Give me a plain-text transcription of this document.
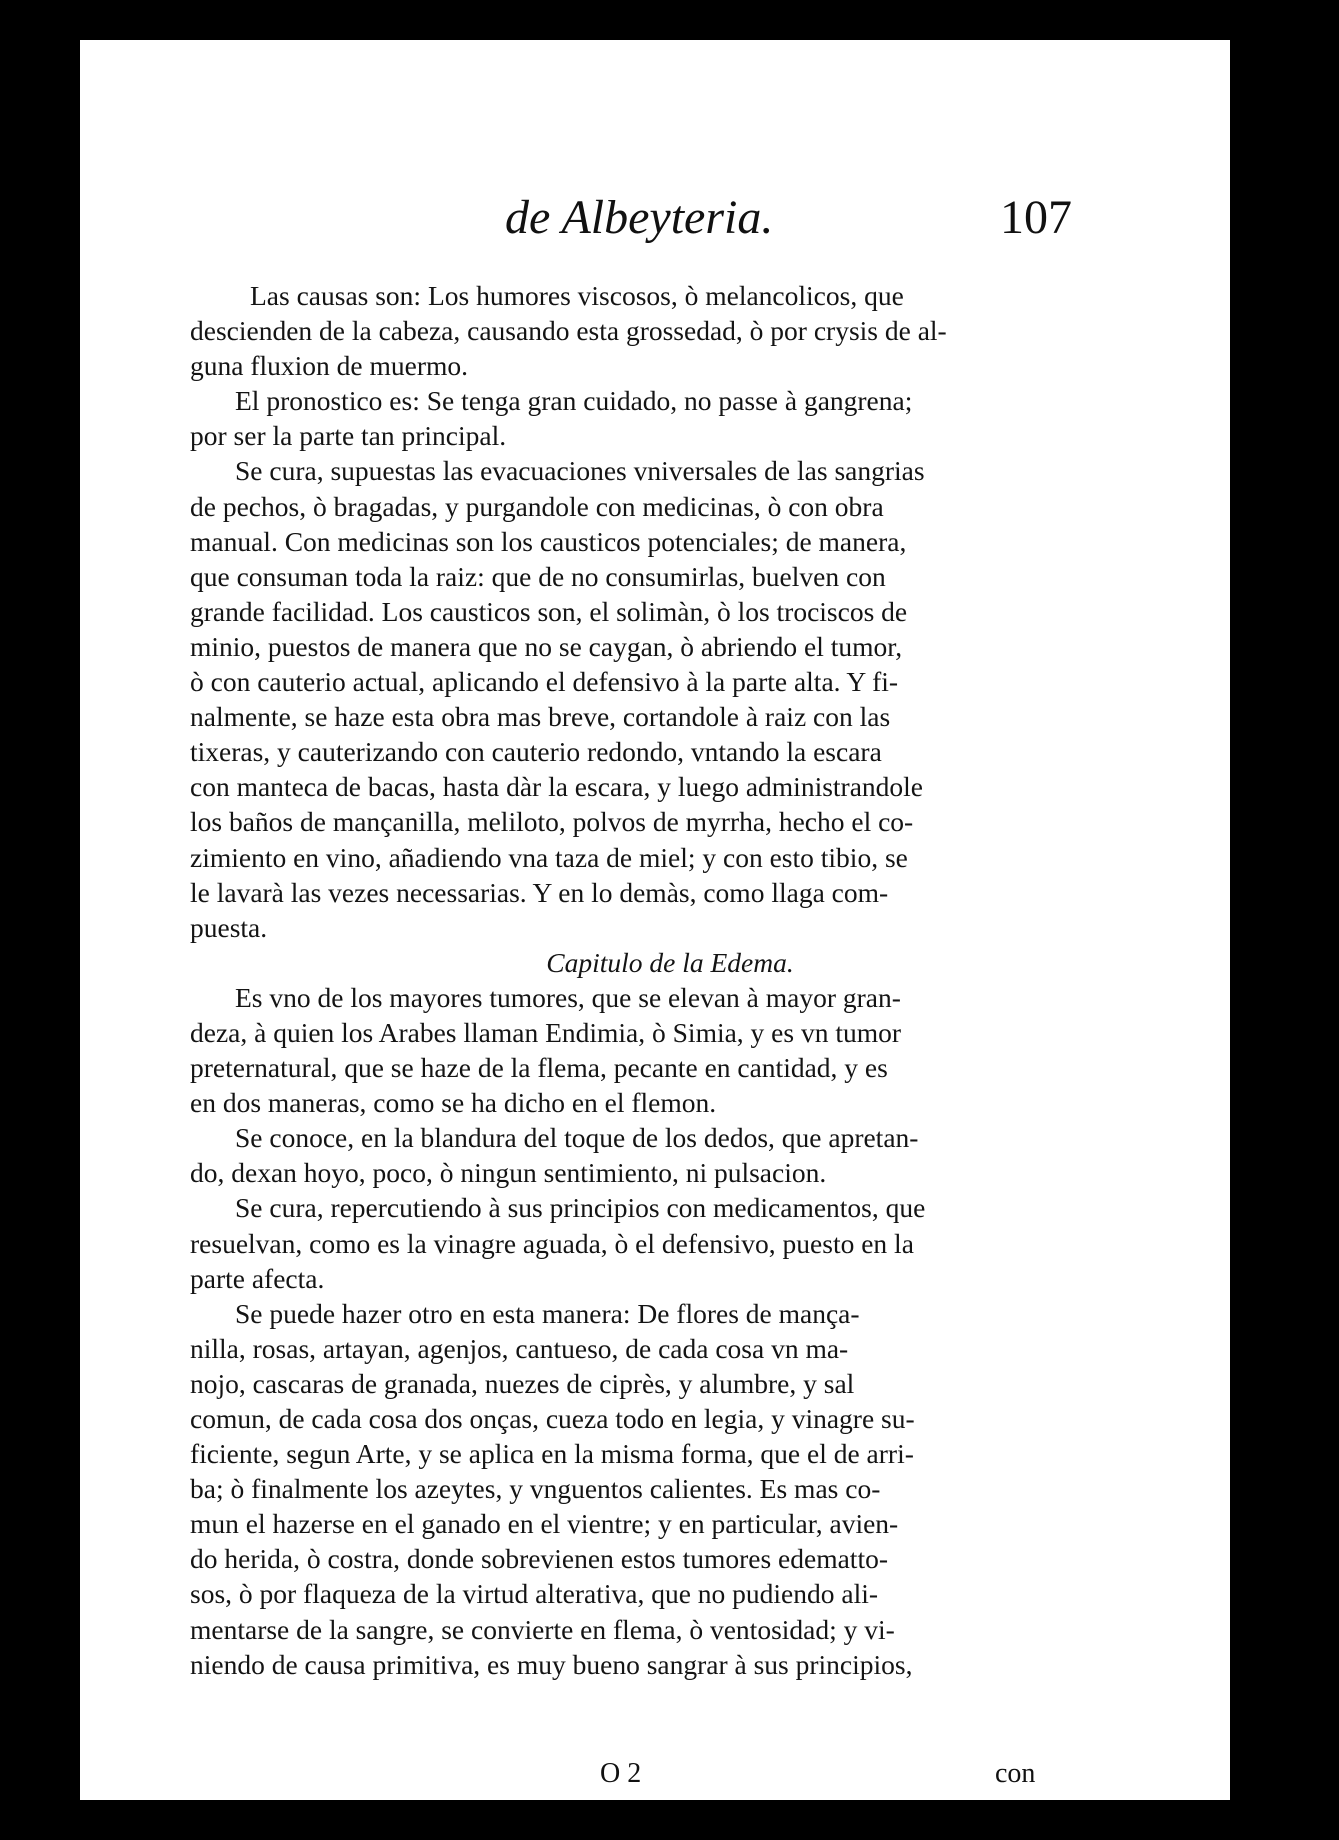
de Albeyteria.	107
Las causas son: Los humores viscosos, ò melancolicos, que
descienden de la cabeza, causando esta grossedad, ò por crysis de al-
guna fluxion de muermo.
El pronostico es: Se tenga gran cuidado, no passe à gangrena;
por ser la parte tan principal.
Se cura, supuestas las evacuaciones vniversales de las sangrias
de pechos, ò bragadas, y purgandole con medicinas, ò con obra
manual. Con medicinas son los causticos potenciales; de manera,
que consuman toda la raiz: que de no consumirlas, buelven con
grande facilidad. Los causticos son, el solimàn, ò los trociscos de
minio, puestos de manera que no se caygan, ò abriendo el tumor,
ò con cauterio actual, aplicando el defensivo à la parte alta. Y fi-
nalmente, se haze esta obra mas breve, cortandole à raiz con las
tixeras, y cauterizando con cauterio redondo, vntando la escara
con manteca de bacas, hasta dàr la escara, y luego administrandole
los baños de mançanilla, meliloto, polvos de myrrha, hecho el co-
zimiento en vino, añadiendo vna taza de miel; y con esto tibio, se
le lavarà las vezes necessarias. Y en lo demàs, como llaga com-
puesta.
Capitulo de la Edema.
Es vno de los mayores tumores, que se elevan à mayor gran-
deza, à quien los Arabes llaman Endimia, ò Simia, y es vn tumor
preternatural, que se haze de la flema, pecante en cantidad, y es
en dos maneras, como se ha dicho en el flemon.
Se conoce, en la blandura del toque de los dedos, que apretan-
do, dexan hoyo, poco, ò ningun sentimiento, ni pulsacion.
Se cura, repercutiendo à sus principios con medicamentos, que
resuelvan, como es la vinagre aguada, ò el defensivo, puesto en la
parte afecta.
Se puede hazer otro en esta manera: De flores de mança-
nilla, rosas, artayan, agenjos, cantueso, de cada cosa vn ma-
nojo, cascaras de granada, nuezes de ciprès, y alumbre, y sal
comun, de cada cosa dos onças, cueza todo en legia, y vinagre su-
ficiente, segun Arte, y se aplica en la misma forma, que el de arri-
ba; ò finalmente los azeytes, y vnguentos calientes. Es mas co-
mun el hazerse en el ganado en el vientre; y en particular, avien-
do herida, ò costra, donde sobrevienen estos tumores edematto-
sos, ò por flaqueza de la virtud alterativa, que no pudiendo ali-
mentarse de la sangre, se convierte en flema, ò ventosidad; y vi-
niendo de causa primitiva, es muy bueno sangrar à sus principios,
O 2	con
